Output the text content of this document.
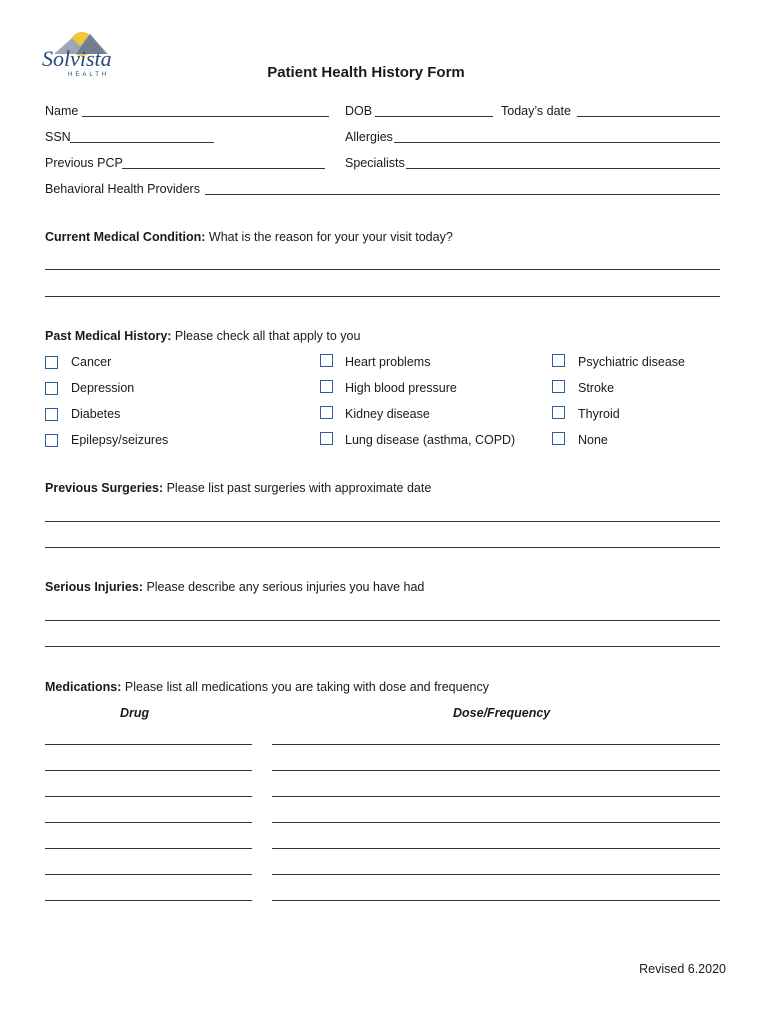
Solvista
HEALTH	Patient Health History Form
Name	DOB	Today’s date
SSN	Allergies
Previous PCP	Specialists
Behavioral Health Providers
Current Medical Condition: What is the reason for your your visit today?
Past Medical History: Please check all that apply to you
Cancer
Depression
Diabetes
Epilepsy/seizures
Heart problems
High blood pressure
Kidney disease
Lung disease (asthma, COPD)
Psychiatric disease
Stroke
Thyroid
None
Previous Surgeries: Please list past surgeries with approximate date
Serious Injuries: Please describe any serious injuries you have had
Medications: Please list all medications you are taking with dose and frequency
Drug	Dose/Frequency
Revised 6.2020
